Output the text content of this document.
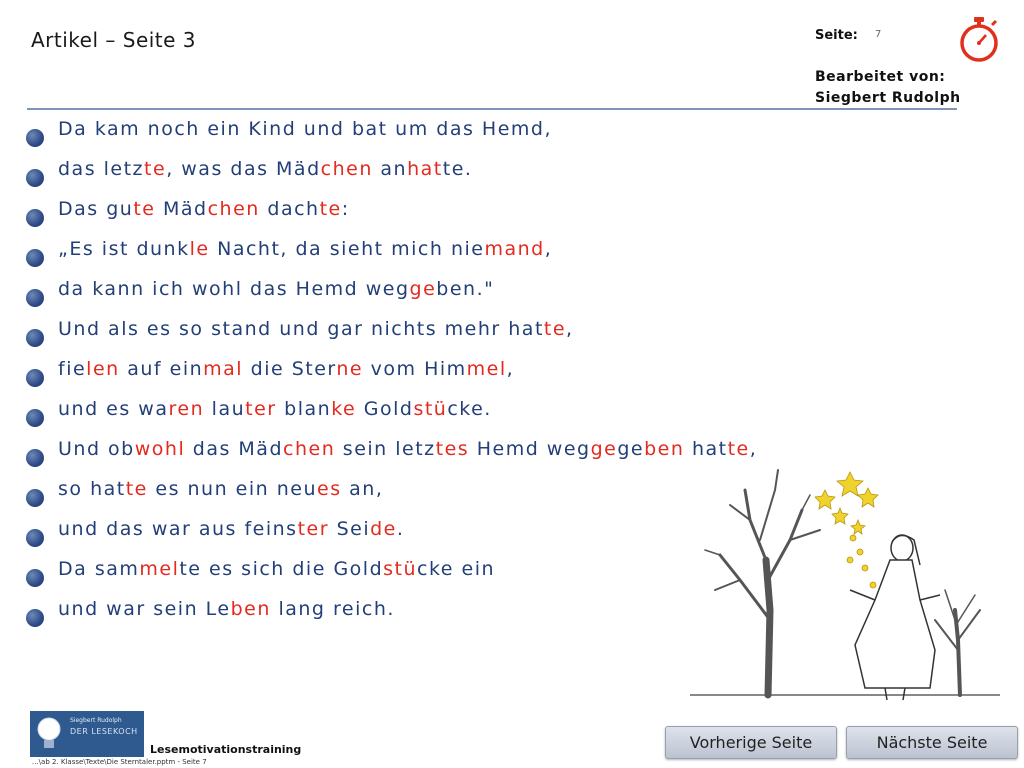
Artikel – Seite 3	Seite: 7
Bearbeitet von:
Siegbert Rudolph
Da kam noch ein Kind und bat um das Hemd,
das letzte, was das Mädchen anhatte.
Das gute Mädchen dachte:
„Es ist dunkle Nacht, da sieht mich niemand,
da kann ich wohl das Hemd weggeben."
Und als es so stand und gar nichts mehr hatte,
fielen auf einmal die Sterne vom Himmel,
und es waren lauter blanke Goldstücke.
Und obwohl das Mädchen sein letztes Hemd weggegeben hatte,
so hatte es nun ein neues an,
und das war aus feinster Seide.
Da sammelte es sich die Goldstücke ein
und war sein Leben lang reich.
Siegbert Rudolph
DER LESEKOCH
Lesemotivationstraining
...\ab 2. Klasse\Texte\Die Sterntaler.pptm - Seite 7
Vorherige Seite	Nächste Seite
